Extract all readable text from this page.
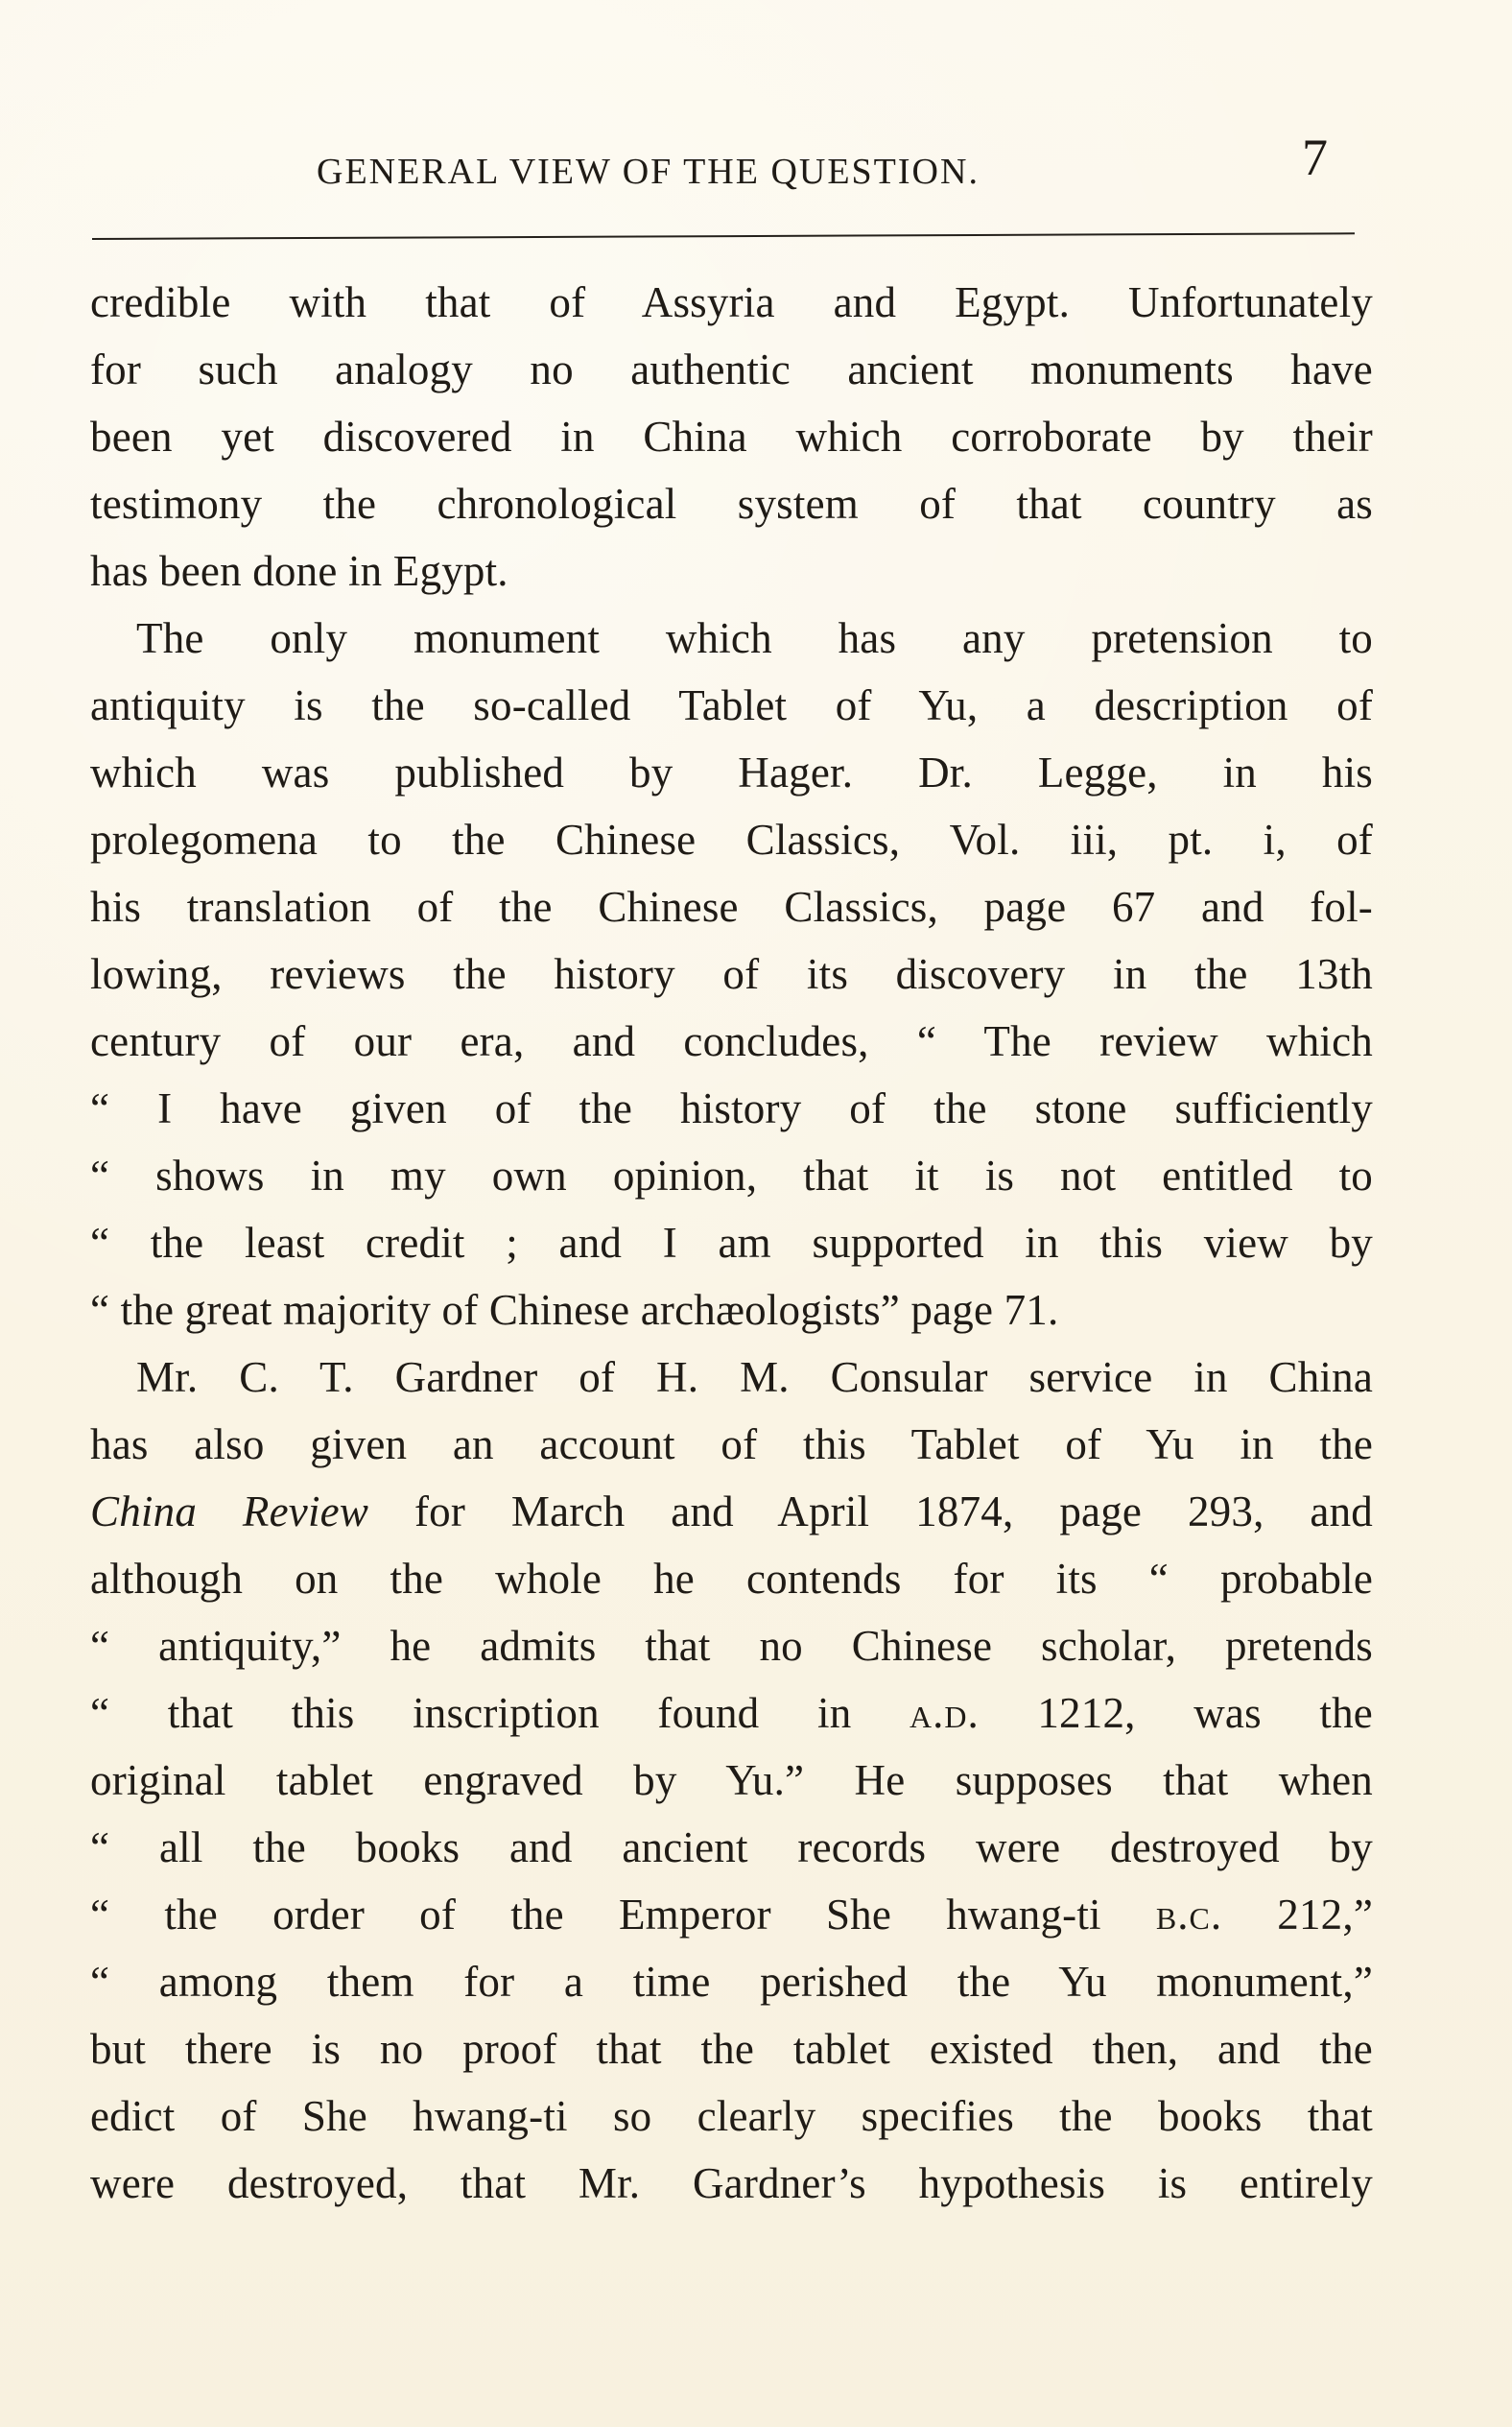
GENERAL VIEW OF THE QUESTION.	7
credible with that of Assyria and Egypt. Unfortunately
for such analogy no authentic ancient monuments have
been yet discovered in China which corroborate by their
testimony the chronological system of that country as
has been done in Egypt.
The only monument which has any pretension to
antiquity is the so-called Tablet of Yu, a description of
which was published by Hager. Dr. Legge, in his
prolegomena to the Chinese Classics, Vol. iii, pt. i, of
his translation of the Chinese Classics, page 67 and fol-
lowing, reviews the history of its discovery in the 13th
century of our era, and concludes, “ The review which
“ I have given of the history of the stone sufficiently
“ shows in my own opinion, that it is not entitled to
“ the least credit ; and I am supported in this view by
“ the great majority of Chinese archæologists” page 71.
Mr. C. T. Gardner of H. M. Consular service in China
has also given an account of this Tablet of Yu in the
China Review for March and April 1874, page 293, and
although on the whole he contends for its “ probable
“ antiquity,” he admits that no Chinese scholar, pretends
“ that this inscription found in a.d. 1212, was the
original tablet engraved by Yu.” He supposes that when
“ all the books and ancient records were destroyed by
“ the order of the Emperor She hwang-ti b.c. 212,”
“ among them for a time perished the Yu monument,”
but there is no proof that the tablet existed then, and the
edict of She hwang-ti so clearly specifies the books that
were destroyed, that Mr. Gardner’s hypothesis is entirely
